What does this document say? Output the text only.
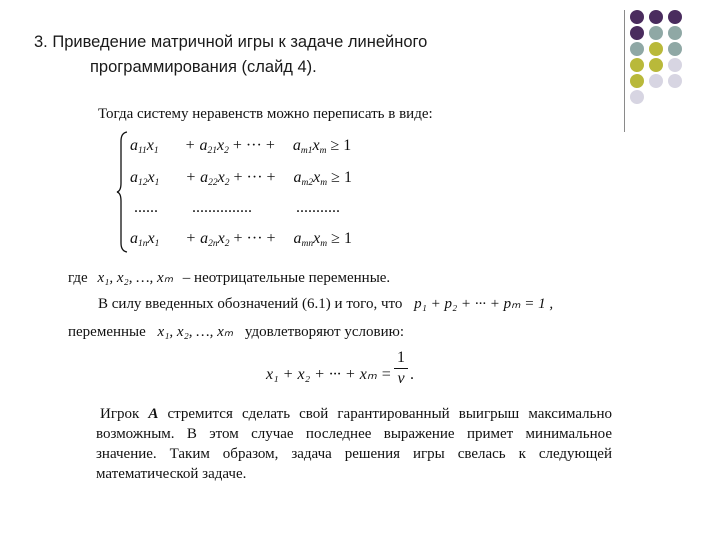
3. Приведение матричной игры к задаче линейного
программирования (слайд 4).
Тогда систему неравенств можно переписать в виде:
$a_{11}x_1 + a_{21}x_2$ + ··· + $a_{m1}x_m \ge 1$
$a_{12}x_1 + a_{22}x_2$ + ··· + $a_{m2}x_m \ge 1$
...... ...............	...........
$a_{1n}x_1 + a_{2n}x_2$ + ··· + $a_{mn}x_m \ge 1$
где x₁, x₂, …, xₘ – неотрицательные переменные.
В силу введенных обозначений (6.1) и того, что p₁ + p₂ + ··· + pₘ = 1 ,
переменные x₁, x₂, …, xₘ удовлетворяют условию:
x₁ + x₂ + ··· + xₘ =
1
ν .
Игрок A стремится сделать свой гарантированный выигрыш максимально возможным. В этом случае последнее выражение примет минимальное значение. Таким образом, задача решения игры свелась к следующей математической задаче.
